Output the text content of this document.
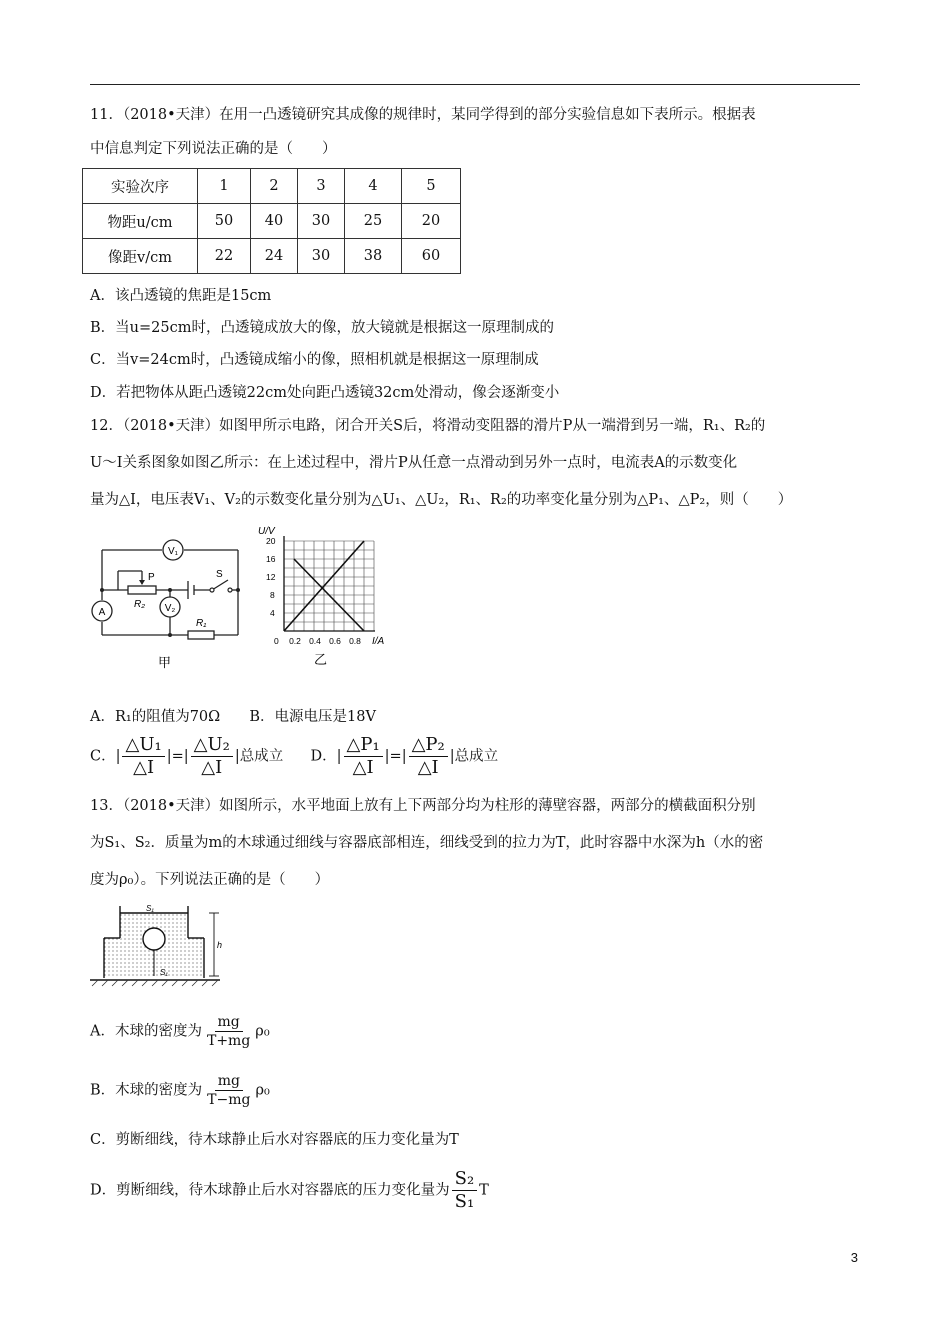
11．（2018•天津）在用一凸透镜研究其成像的规律时，某同学得到的部分实验信息如下表所示。根据表
中信息判定下列说法正确的是（　　）
实验次序	1	2	3	4	5
物距u/cm	50	40	30	25	20
像距v/cm	22	24	30	38	60
A．该凸透镜的焦距是15cm
B．当u=25cm时，凸透镜成放大的像，放大镜就是根据这一原理制成的
C．当v=24cm时，凸透镜成缩小的像，照相机就是根据这一原理制成
D．若把物体从距凸透镜22cm处向距凸透镜32cm处滑动，像会逐渐变小
12．（2018•天津）如图甲所示电路，闭合开关S后，将滑动变阻器的滑片P从一端滑到另一端，R₁、R₂的
U～I关系图象如图乙所示：在上述过程中，滑片P从任意一点滑动到另外一点时，电流表A的示数变化
量为△I，电压表V₁、V₂的示数变化量分别为△U₁、△U₂，R₁、R₂的功率变化量分别为△P₁、△P₂，则（　　）
V₁
V₂
A
P	S
R₂
R₁
甲
U/V
I/A
20
16
12
8
4
0 0.2 0.4 0.6 0.8
乙
A．R₁的阻值为70Ω B．电源电压是18V
C．| $\frac{\text{△U₁}}{\triangle I}$ |=| $\frac{\text{△U₂}}{\triangle I}$ |总成立 D．| $\frac{\text{△P₁}}{\triangle I}$ |=| $\frac{\text{△P₂}}{\triangle I}$ |总成立
13．（2018•天津）如图所示，水平地面上放有上下两部分均为柱形的薄壁容器，两部分的横截面积分别
为S₁、S₂．质量为m的木球通过细线与容器底部相连，细线受到的拉力为T，此时容器中水深为h（水的密
度为ρ₀）。下列说法正确的是（　　）
S₁
S₁
h
A．木球的密度为 $\frac{mg}{T+mg} \rho_0$
B．木球的密度为 $\frac{mg}{T-mg} \rho_0$
C．剪断细线，待木球静止后水对容器底的压力变化量为T
D．剪断细线，待木球静止后水对容器底的压力变化量为 $\frac{\text{S₂}}{\text{S₁}}$ T
3
